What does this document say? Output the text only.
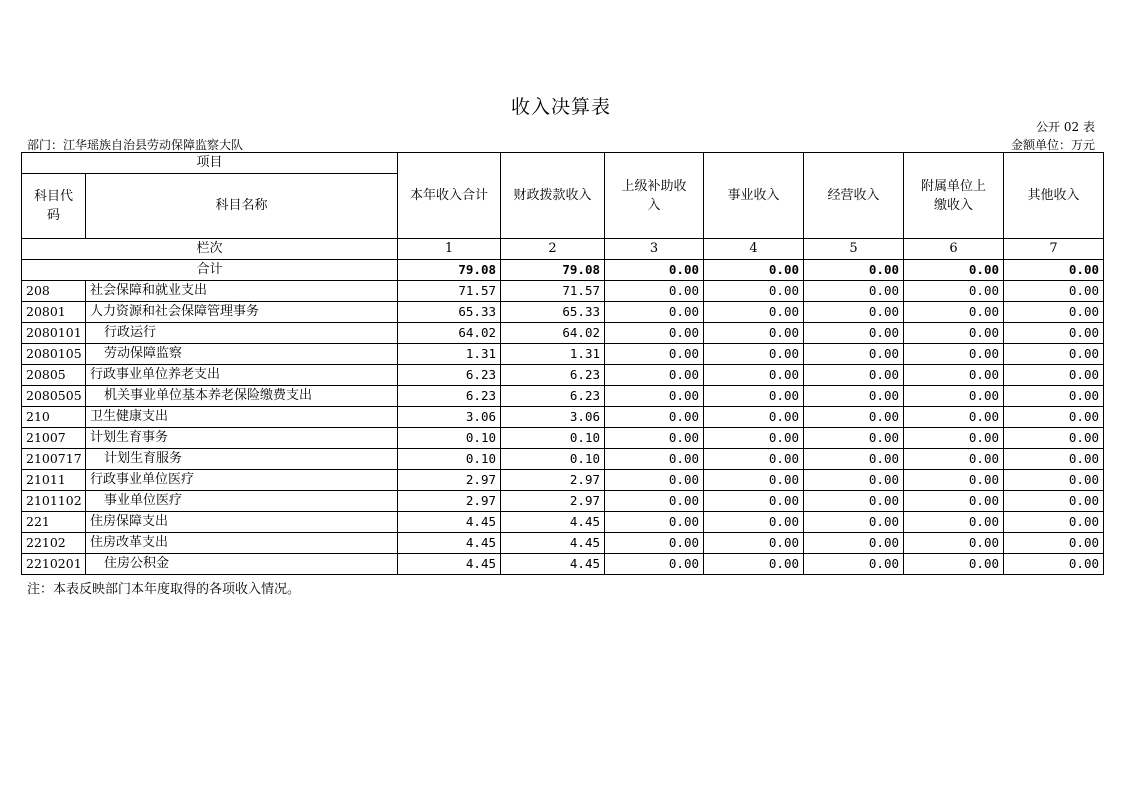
收入决算表
公开 02 表
部门：江华瑶族自治县劳动保障监察大队	金额单位：万元
项目		本年收入合计	财政拨款收入	上级补助收入	事业收入	经营收入	附属单位上缴收入	其他收入
科目代码	科目名称							
栏次		1	2	3	4	5	6	7
合计		79.08	79.08	0.00	0.00	0.00	0.00	0.00
208	社会保障和就业支出	71.57	71.57	0.00	0.00	0.00	0.00	0.00
20801	人力资源和社会保障管理事务	65.33	65.33	0.00	0.00	0.00	0.00	0.00
2080101	行政运行	64.02	64.02	0.00	0.00	0.00	0.00	0.00
2080105	劳动保障监察	1.31	1.31	0.00	0.00	0.00	0.00	0.00
20805	行政事业单位养老支出	6.23	6.23	0.00	0.00	0.00	0.00	0.00
2080505	机关事业单位基本养老保险缴费支出	6.23	6.23	0.00	0.00	0.00	0.00	0.00
210	卫生健康支出	3.06	3.06	0.00	0.00	0.00	0.00	0.00
21007	计划生育事务	0.10	0.10	0.00	0.00	0.00	0.00	0.00
2100717	计划生育服务	0.10	0.10	0.00	0.00	0.00	0.00	0.00
21011	行政事业单位医疗	2.97	2.97	0.00	0.00	0.00	0.00	0.00
2101102	事业单位医疗	2.97	2.97	0.00	0.00	0.00	0.00	0.00
221	住房保障支出	4.45	4.45	0.00	0.00	0.00	0.00	0.00
22102	住房改革支出	4.45	4.45	0.00	0.00	0.00	0.00	0.00
2210201	住房公积金	4.45	4.45	0.00	0.00	0.00	0.00	0.00
注：本表反映部门本年度取得的各项收入情况。
